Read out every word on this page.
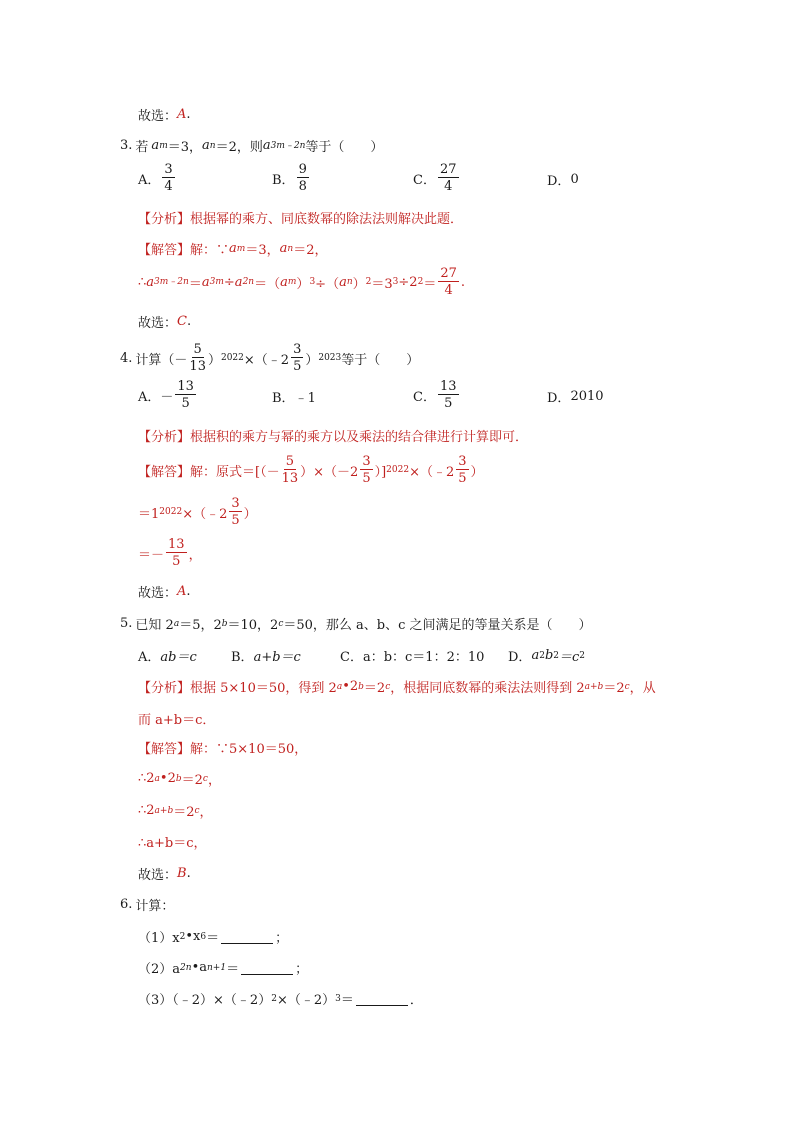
故选： A .
3. 若 a m ＝3， a n ＝2，则 a 3m﹣2n 等于（　　）
A． $\frac{3}{4}$	B． $\frac{9}{8}$	C． $\frac{27}{4}$	D． 0
【分析】 根据幂的乘方、同底数幂的除法法则解决此题．
【解答】 解：∵ a m ＝3， a n ＝2，
∴ a 3m﹣2n ＝ a 3m ÷ a 2n ＝（ a m ） 3 ÷（ a n ） 2 ＝3 3 ÷2 $2 = \frac{27}{4}$ .
故选： C .
4. 计算（－ $\frac{5}{13}$ ） 2022 ×（﹣2 $\frac{3}{5}$ ） 2023 等于（　　）
A． － $\frac{13}{5}$	B． ﹣1	C． $\frac{13}{5}$	D． 2010
【分析】 根据积的乘方与幂的乘方以及乘法的结合律进行计算即可．
【解答】 解：原式＝[（－ $\frac{5}{13} )\times(-2 \frac{3}{5}$ ）] 2022 ×（﹣2 $\frac{3}{5}$ ）
＝1 2022 ×（﹣2 $\frac{3}{5}$ ）
＝－ $\frac{13}{5}$ ，
故选： A .
5. 已知 2 a ＝5，2 b ＝10，2 c ＝50，那么 a、b、c 之间满足的等量关系是（　　）
A． ab＝c	B． a+b＝c	C． a：b：c＝1：2：10 D． a 2 b 2 ＝c 2
【分析】 根据 5×10＝50，得到 2 a •2 b ＝2 c ，根据同底数幂的乘法法则得到 2 a+b ＝2 c ，从
而 a+b＝c．
【解答】 解：∵5×10＝50，
∴2 a •2 b ＝2 c ，
∴2 a+b ＝2 c ，
∴a+b＝c，
故选： B .
6. 计算：
（1）x 2 •x 6 ＝	；
（2）a 2n •a n+1 ＝	；
（3）（﹣2）×（﹣2） 2 ×（﹣2） 3 ＝	．
